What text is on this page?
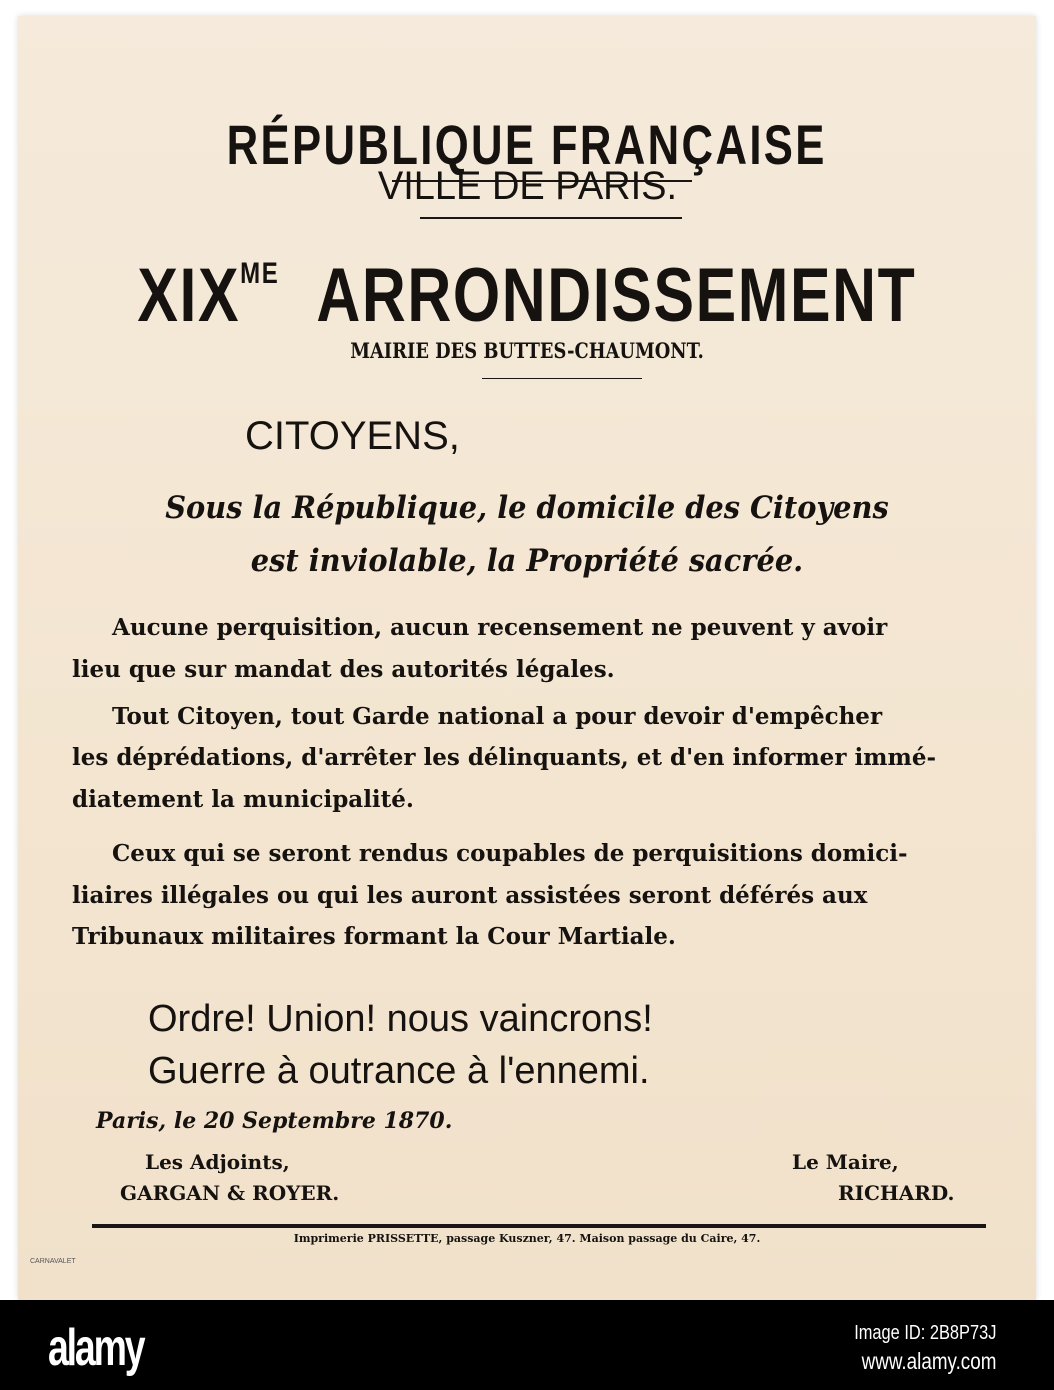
RÉPUBLIQUE FRANÇAISE
VILLE DE PARIS.
$XIX^{ME}$ ARRONDISSEMENT
MAIRIE DES BUTTES-CHAUMONT.
CITOYENS,
Sous la République, le domicile des Citoyens
est inviolable, la Propriété sacrée.
Aucune perquisition, aucun recensement ne peuvent y avoir
lieu que sur mandat des autorités légales.
Tout Citoyen, tout Garde national a pour devoir d'empêcher
les déprédations, d'arrêter les délinquants, et d'en informer immé-
diatement la municipalité.
Ceux qui se seront rendus coupables de perquisitions domici-
liaires illégales ou qui les auront assistées seront déférés aux
Tribunaux militaires formant la Cour Martiale.
Ordre! Union! nous vaincrons!
Guerre à outrance à l'ennemi.
Paris, le 20 Septembre 1870.
Les Adjoints,
GARGAN & ROYER.
Le Maire,
RICHARD.
Imprimerie PRISSETTE, passage Kuszner, 47. Maison passage du Caire, 47.
CARNAVALET
alamy	Image ID: 2B8P73J
www.alamy.com
